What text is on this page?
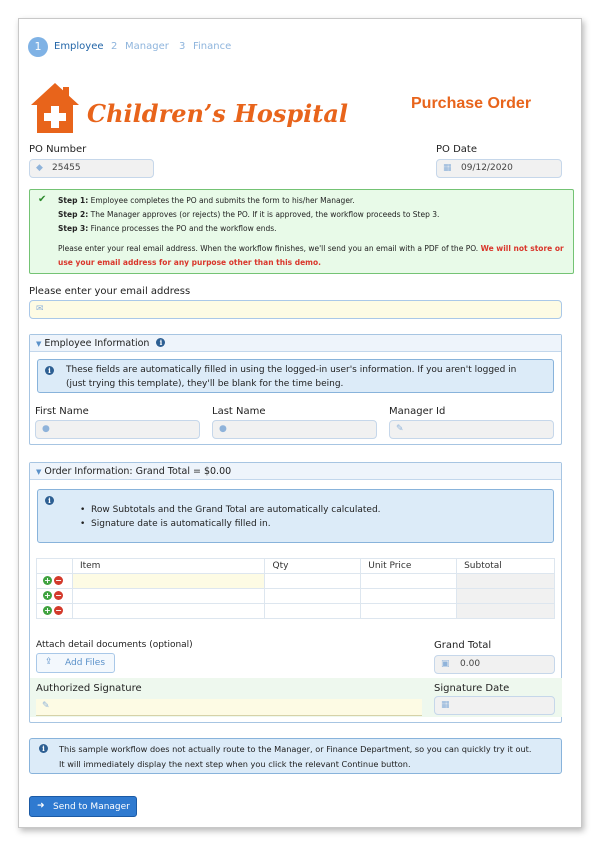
1	Employee 2 Manager 3 Finance
Children’s Hospital	Purchase Order
PO Number
◆ 25455
PO Date
▦ 09/12/2020
✔ Step 1: Employee completes the PO and submits the form to his/her Manager.
Step 2: The Manager approves (or rejects) the PO. If it is approved, the workflow proceeds to Step 3.
Step 3: Finance processes the PO and the workflow ends.
Please enter your real email address. When the workflow finishes, we'll send you an email with a PDF of the PO. We will not store or
use your email address for any purpose other than this demo.
Please enter your email address
✉
▼ Employee Information i
i	These fields are automatically filled in using the logged-in user's information. If you aren't logged in
(just trying this template), they'll be blank for the time being.
First Name
●
Last Name
●
Manager Id
✎
▼ Order Information: Grand Total = $0.00
i
•  Row Subtotals and the Grand Total are automatically calculated.
•  Signature date is automatically filled in.
	Item	Qty	Unit Price	Subtotal
+ −				
+ −				
+ −				
Attach detail documents (optional)
⇪ Add Files
Grand Total
▣ 0.00
Authorized Signature
✎
Signature Date
▦
i	This sample workflow does not actually route to the Manager, or Finance Department, so you can quickly try it out.
It will immediately display the next step when you click the relevant Continue button.
➜ Send to Manager
